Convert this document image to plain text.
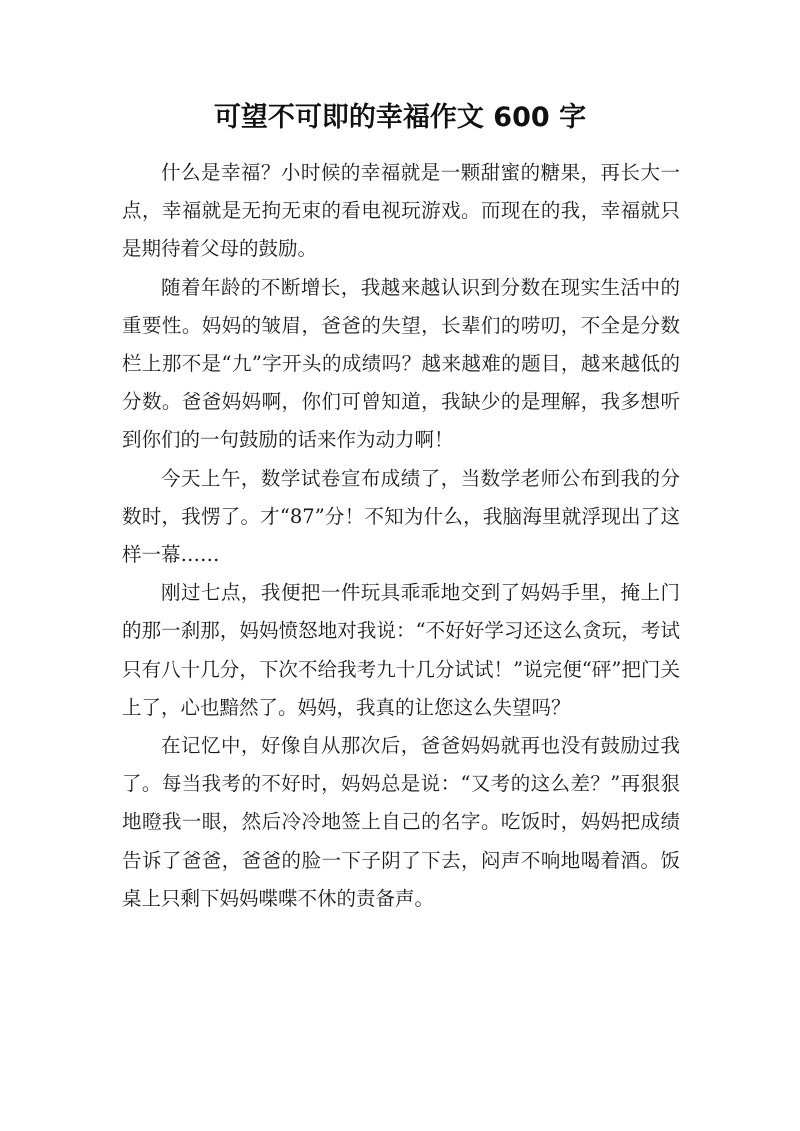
可望不可即的幸福作文 600 字

什么是幸福？小时候的幸福就是一颗甜蜜的糖果，再长大一点，幸福就是无拘无束的看电视玩游戏。而现在的我，幸福就只是期待着父母的鼓励。

随着年龄的不断增长，我越来越认识到分数在现实生活中的重要性。妈妈的皱眉，爸爸的失望，长辈们的唠叨，不全是分数栏上那不是“九”字开头的成绩吗？越来越难的题目，越来越低的分数。爸爸妈妈啊，你们可曾知道，我缺少的是理解，我多想听到你们的一句鼓励的话来作为动力啊！

今天上午，数学试卷宣布成绩了，当数学老师公布到我的分数时，我愣了。才“87”分！不知为什么，我脑海里就浮现出了这样一幕……

刚过七点，我便把一件玩具乖乖地交到了妈妈手里，掩上门的那一刹那，妈妈愤怒地对我说：“不好好学习还这么贪玩，考试只有八十几分，下次不给我考九十几分试试！”说完便“砰”把门关上了，心也黯然了。妈妈，我真的让您这么失望吗？

在记忆中，好像自从那次后，爸爸妈妈就再也没有鼓励过我了。每当我考的不好时，妈妈总是说：“又考的这么差？”再狠狠地瞪我一眼，然后冷冷地签上自己的名字。吃饭时，妈妈把成绩告诉了爸爸，爸爸的脸一下子阴了下去，闷声不响地喝着酒。饭桌上只剩下妈妈喋喋不休的责备声。
